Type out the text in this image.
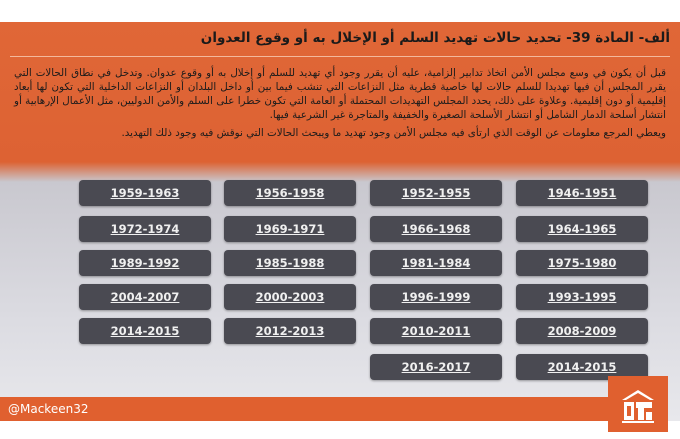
ألف- المادة 39- تحديد حالات تهديد السلم أو الإخلال به أو وقوع العدوان

قبل أن يكون في وسع مجلس الأمن اتخاذ تدابير إلزامية، عليه أن يقرر وجود أي تهديد للسلم أو إخلال به أو وقوع عدوان. وتدخل في نطاق الحالات التي يقرر المجلس أن فيها تهديدا للسلم حالات لها خاصية قطرية مثل النزاعات التي تنشب فيما بين أو داخل البلدان أو النزاعات الداخلية التي تكون لها أبعاد إقليمية أو دون إقليمية. وعلاوة على ذلك، يحدد المجلس التهديدات المحتملة أو العامة التي تكون خطرا على السلم والأمن الدوليين، مثل الأعمال الإرهابية أو انتشار أسلحة الدمار الشامل أو انتشار الأسلحة الصغيرة والخفيفة والمتاجرة غير الشرعية فيها.

ويعطي المرجع معلومات عن الوقت الذي ارتأى فيه مجلس الأمن وجود تهديد ما ويبحث الحالات التي نوقش فيه وجود ذلك التهديد.

1946-1951
1964-1965
1975-1980
1993-1995
2008-2009
2014-2015
1952-1955
1966-1968
1981-1984
1996-1999
2010-2011
2016-2017
1956-1958
1969-1971
1985-1988
2000-2003
2012-2013
1959-1963
1972-1974
1989-1992
2004-2007
2014-2015
@Mackeen32
